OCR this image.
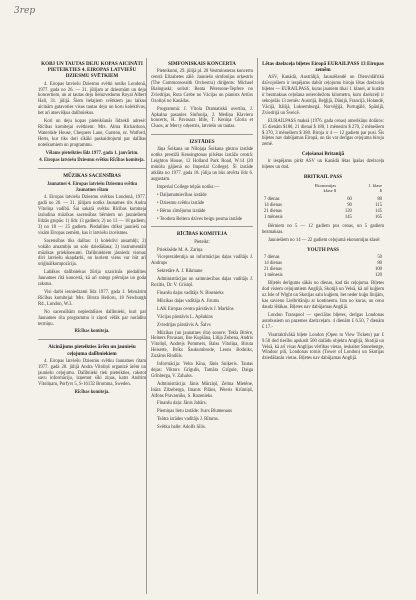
3rep
KOBJ UN TAUTAS DEJU KOPAS AICINĀTI PIETEIKTIES 4. EIROPAS LATVIEŠU DZIESMU SVĒTKIEM

4. Eiropas latviešu Dziesmu svētki notiks Londonā, 1977. gada no 26. — 31. jūlijam ar dziesmām un deju koncertiem, un ar tautas deju lieluzvedumu Royal Albert Hall, 31. jūlijā. Šiem lielajiem svētkiem jau laikus aicinām gatavoties visus tautas deju un koru kolektīvus, bet arī atsevišķus dalībniekus.

Kori un deju kopas pieteikšanās līdzekli adresē: Rīcības komitejai svētkiem: Mrs. Alma Richardson, Waterdale House, Chequers Lane, Garston, nr. Watford, Herts, kur tiks doti sīkāki paskaidrojumi par dalības noteikumiem un programmu.

Vēlams pieteikties līdz 1977. gada 1. janvārim.

4. Eiropas latviešu Dziesmu svētku Rīcības komiteja.
MŪZIKAS SACENSĪBAS
Jaunatnei 4. Eiropas latviešu Dziesmu svētku Jaunatnes rītam

4. Eiropas latviešu Dziesmu svētkos Londonā, 1977. gadā no 26. — 31. jūlijam notiks Jaunatnes rīts Andra Vītoliņa vadībā. Šai sakarā svētku Rīcības komiteja izsludina mūzikas sacensības bērniem un jauniešiem līdzās grupās: 1) līdz 13 gadiem; 2) no 13 — 18 gadiem; 3) no 18 — 25 gadiem. Piedalīties drīkst jaunieši no visām Eiropas zemēm, kas ir latviešu izcelsmes.

Sacensības tiks dalītas: 1) kolektīvi ansambļi; 2) vokālo ansambļu un solo dziedāšana; 3) instrumentāli mūzikas priekšnesumi. Dalībniekiem jāsniedz vismaz divi latviešu skaņdarbi, no kuriem viens var būt arī oriģinālkompozīcija.

Labākos dalībniekus žūrija uzaicinās piedalīties Jaunatnes rītā koncertā, kā arī sniegs prēmijas un goda rakstus.

Visi darbi iesniedzami līdz 1977. gada 1. februārim Rīcības komitejai: Mrs. Biruta Heiloru, 18 Newburgh Rd., London, W.3.

No sacensībām nepiedalīsies dalībnieki, kuri par Jaunatnes rīta programmu ir ziņoti vēlāk par norādīto termiņu.

Rīcības komiteja.
Aicinājums pieteikties ārēm un jauniešu ceļojuma dalībniekiem

4. Eiropas latviešu Dziesmu svētku Jaunatnes rītam 1977. gadā 28. jūlijā Andra Vītoliņš organizē ārēm un jauniešu ceļojumu. Dalībnieki tiek pieteikties, rakstot savu informāciju, izņemot sīki ziņas, katrs Andrim Vītoliņam, Porfyrs 5, S-16132 Bromma, Sweden.

Rīcības komiteja.
SIMFONISKAIS KONCERTA

Pieteikumi, 29. jūlijā pl. 20 Vestminsteras koncertu centrā Elizabetes zālē. Jauniešu simfonijas orķestris (The Commonwealth Orchestra) diriģents: Michael Bialoguski; solisti: Beata Pētersone-Tepfere no Zviedrijas, Rota Grebe no Vācijas un pianists Artūrs Ozoliņš no Kanādas.

Programmā: J. Vītola Dramatiskā uvertīra, J. Apkalna pasaules Sinfonija, J. Mediņa Klavieru koncerts, H. Pavasara Idile, T. Kenīņa Gloria et Chaos, ar Mercy orķestris, latviešu un tautas.

IZSTĀDES

Jāņa Šoikana un Niloļaja Šoikana gleznu izstāde notiks prestižā Kensingtonas pilsētas izstāžu centrā: Leighton House, 12 Holland Park Road, W.14 (20 minūšu gājienā no Imperial College). Šī izstāde atklāta no 1977. gada 18. jūlija un būs atvērta līdz 6. augustam.

Imperial College telpās notiks:—

• Daiļamatniecības izstāde
• Dziesmu svētku izstāde
• Bērnu zīmējumu izstāde
• Teodora Reitera dzīves beigu posma izstāde
RĪCĪBAS KOMITEJA
Pieteikt:

Priekšsēde M. A. Zariņa

Viceprezidentija un informācijas daļas vadītājs J. Andrups

Sekretāre A. J. Rikmane

Administrācijas un saimniecības daļas vadītājs J. Rozītis, Dr. V. Grīsiņš.

Finanšu daļas vadītājs N. Bisenieks

Mūzikas daļas vadītāja A. Jirums

LAK Eiropas centra pārstāvis J. Markīns

Vācijas pārstāvis L. Apšukins

Zviedrijas pārstāvis A. Šalvs

Mūzikas (un jaunatnes rīta) sonore: Tekla Birēre, Heiners Pavasars, Ilse Kupšāna, Lilija Zobena, Andris Vītoliņš, Andrejs Pommers, Balss Vītoliņa, Biruta Heiserte, Brīks Šaukumbrode, Leons Bodniks, Zuzāms Rindūls.

Informācija: Velta Kīna, Jānis Sniķeris. Tautas dejas: Viktors Grīgulis, Tamāra Grīgule, Daiga Grīnberga, V. Zahalss.

Administrācija: Jānis Mūrziņš, Zelma Mietēne, Ināra Zilzeberga, Imants Pilāns, Pēteris Krūmiņš, Alfons Pravasnīks, S. Rozenieks.

Finanšu daļa: Jānis Jabārs.

Piemiņas lietu izstāde: Ivars Blumenaus

Teātra izrādes vadītājs J. Rītums.

Svētku balle: Adolfs Silis.

Lētas dzelzceļa biļetes Eiropā EURAILPASS 13 Eiropas zemēm

ASV, Kanādā, Austrālijā, Jaunzēlandē un Dienvidāfrikā dzīvojošiem ir iespējams dabūt ceļojumu biroju lētas dzelzceļa biļetes — EURAILPASS, kuras jauniem tikai 1. klasei, ar kurām ir bezmaksas ceļošana neierobežotu kilometru, kuru dzelzceļi ir sekojošās 13 zemēs: Austrijā, Beļģijā, Dānijā, Francijā, Holandē, Vācijā, Itālijā, Luksemburgā, Norvēģijā, Portugālē, Spānijā, Zviedrijā un Šveicē.

EURAILPASS maksā (1976. gada cenas) amerikāņu dolāros: 15 dienām $180, 21 dienai $ 180, 1 mēnesim $ 270, 2 mēnešiem $ 370, 3 mēnešiem $ 380. Biroja ir 4 — 12 gadiem par pusi. Šīs biļetes nav dabūjamas Eiropā, un tās var derīgas ceļojuma biroju zemē.

Ceļošanai Britanijā

ir iespējams pirkt ASV un Kanādā lētas īpašas dzelzceļa biļetes un dod.

BRITRAIL PASS
	Ekonomijas	1. klase
	klase $	$
7 dienas	60	80
14 dienas	90	115
21 dienas	120	145
1 mēnesis	145	165

Bērniem no 5 — 12 gadiem pus cenas, un 5 gadiem bezmaksas.

Jauniešiem no 14 — 22 gadiem ceļojumā ekonomijas klasē:

YOUTH PASS
7 dienas	50
14 dienas	80
21 dienas	100
1 mēnesis	120

Biļetēs derīgums sākās no dienas, kad tās ceļojuma. Biļetes dod visiem ceļojumiem Anglijā, Skotijā un Velsā, kā arī kuģiem uz Isle of Wight un Skotijas salu kuģiem, bet neder kuģu līnijām, kas savieno Lielbritāniju ar kontinentu. Iztu no kuras, un cenu daudz lētākas. Biļetes nav dabūjamas Anglijā.

London Transpool — speciālas biļetes, derīgas Londonas autobusiem un pazemes dzelzceļam. 4 dienām £ 6.50, 7 dienām £ 17.-

Visatraktīvākā biļete London (Open to View Tickets) par £ 9.50 dod tiesību apskatīt 500 dažādu objektu Anglijā, Skotijā un Velsā, kā arī visas Anglijas vērtības vietas, ieskaitot Stonehenge, Windsor pili, Londonas tornis (Tower of London) un Skotijas dziedāšanās vietas. Biļetes nav dabūjamas Anglijā.
